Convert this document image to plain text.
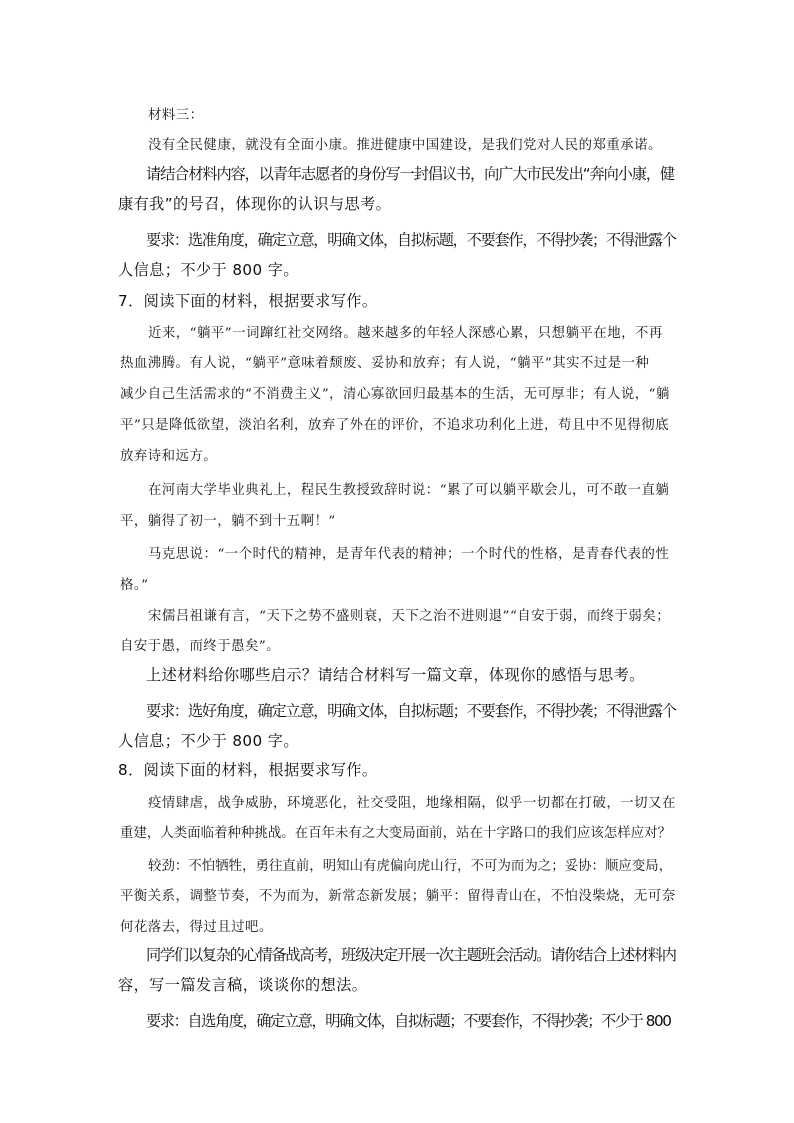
材料三：
没有全民健康，就没有全面小康。推进健康中国建设，是我们党对人民的郑重承诺。
请结合材料内容，以青年志愿者的身份写一封倡议书，向广大市民发出“奔向小康，健
康有我”的号召，体现你的认识与思考。
要求：选准角度，确定立意，明确文体，自拟标题，不要套作，不得抄袭；不得泄露个
人信息；不少于 800 字。
7．阅读下面的材料，根据要求写作。
近来，“躺平”一词蹿红社交网络。越来越多的年轻人深感心累，只想躺平在地，不再
热血沸腾。有人说，“躺平”意味着颓废、妥协和放弃；有人说，“躺平”其实不过是一种
减少自己生活需求的“不消费主义”，清心寡欲回归最基本的生活，无可厚非；有人说，“躺
平”只是降低欲望，淡泊名利，放弃了外在的评价，不追求功利化上进，苟且中不见得彻底
放弃诗和远方。
在河南大学毕业典礼上，程民生教授致辞时说：“累了可以躺平歇会儿，可不敢一直躺
平，躺得了初一，躺不到十五啊！”
马克思说：“一个时代的精神，是青年代表的精神；一个时代的性格，是青春代表的性
格。”
宋儒吕祖谦有言，“天下之势不盛则衰，天下之治不进则退”“自安于弱，而终于弱矣；
自安于愚，而终于愚矣”。
上述材料给你哪些启示？请结合材料写一篇文章，体现你的感悟与思考。
要求：选好角度，确定立意，明确文体，自拟标题；不要套作，不得抄袭；不得泄露个
人信息；不少于 800 字。
8．阅读下面的材料，根据要求写作。
疫情肆虐，战争威胁，环境恶化，社交受阻，地缘相隔，似乎一切都在打破，一切又在
重建，人类面临着种种挑战。在百年未有之大变局面前，站在十字路口的我们应该怎样应对？
较劲：不怕牺牲，勇往直前，明知山有虎偏向虎山行，不可为而为之；妥协：顺应变局，
平衡关系，调整节奏，不为而为，新常态新发展；躺平：留得青山在，不怕没柴烧，无可奈
何花落去，得过且过吧。
同学们以复杂的心情备战高考，班级决定开展一次主题班会活动。请你结合上述材料内
容，写一篇发言稿，谈谈你的想法。
要求：自选角度，确定立意，明确文体，自拟标题；不要套作，不得抄袭；不少于 800
